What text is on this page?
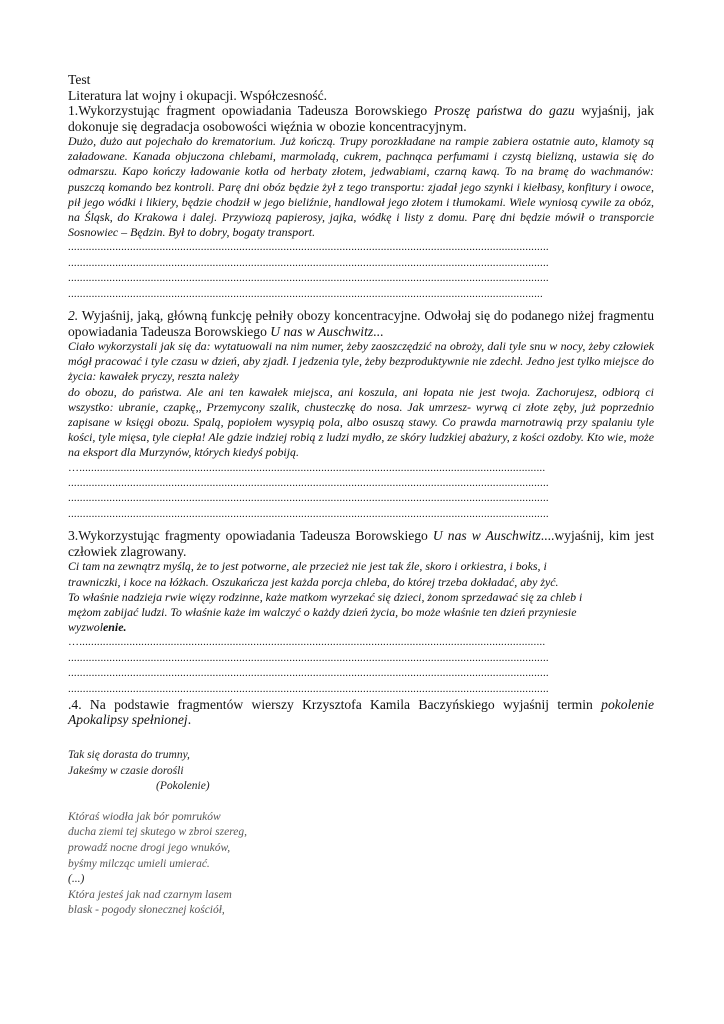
Test
Literatura lat wojny i okupacji. Współczesność.
1.Wykorzystując fragment opowiadania Tadeusza Borowskiego Proszę państwa do gazu wyjaśnij, jak dokonuje się degradacja osobowości więźnia w obozie koncentracyjnym.

Dużo, dużo aut pojechało do krematorium. Już kończą. Trupy porozkładane na rampie zabiera ostatnie auto, klamoty są załadowane. Kanada objuczona chlebami, marmoladą, cukrem, pachnąca perfumami i czystą bielizną, ustawia się do odmarszu. Kapo kończy ładowanie kotła od herbaty złotem, jedwabiami, czarną kawą. To na bramę do wachmanów: puszczą komando bez kontroli. Parę dni obóz będzie żył z tego transportu: zjadał jego szynki i kiełbasy, konfitury i owoce, pił jego wódki i likiery, będzie chodził w jego bieliźnie, handlował jego złotem i tłumokami. Wiele wyniosą cywile za obóz, na Śląsk, do Krakowa i dalej. Przywiozą papierosy, jajka, wódkę i listy z domu. Parę dni będzie mówił o transporcie Sosnowiec – Będzin. Był to dobry, bogaty transport.

...................................................................................................................................................................
...................................................................................................................................................................
...................................................................................................................................................................
.................................................................................................................................................................
2. Wyjaśnij, jaką, główną funkcję pełniły obozy koncentracyjne. Odwołaj się do podanego niżej fragmentu opowiadania Tadeusza Borowskiego U nas w Auschwitz...

Ciało wykorzystali jak się da: wytatuowali na nim numer, żeby zaoszczędzić na obroży, dali tyle snu w nocy, żeby człowiek mógł pracować i tyle czasu w dzień, aby zjadł. I jedzenia tyle, żeby bezproduktywnie nie zdechł. Jedno jest tylko miejsce do życia: kawałek pryczy, reszta należy

do obozu, do państwa. Ale ani ten kawałek miejsca, ani koszula, ani łopata nie jest twoja. Zachorujesz, odbiorą ci wszystko: ubranie, czapkę,, Przemycony szalik, chusteczkę do nosa. Jak umrzesz- wyrwą ci złote zęby, już poprzednio zapisane w księgi obozu. Spalą, popiołem wysypią pola, albo osuszą stawy. Co prawda marnotrawią przy spalaniu tyle kości, tyle mięsa, tyle ciepła! Ale gdzie indziej robią z ludzi mydło, ze skóry ludzkiej abażury, z kości ozdoby. Kto wie, może na eksport dla Murzynów, których kiedyś pobiją.

…..............................................................................................................................................................
...................................................................................................................................................................
...................................................................................................................................................................
...................................................................................................................................................................
3.Wykorzystując fragmenty opowiadania Tadeusza Borowskiego U nas w Auschwitz....wyjaśnij, kim jest człowiek zlagrowany.
Ci tam na zewnątrz myślą, że to jest potworne, ale przecież nie jest tak źle, skoro i orkiestra, i boks, i
trawniczki, i koce na łóżkach. Oszukańcza jest każda porcja chleba, do której trzeba dokładać, aby żyć.
To właśnie nadzieja rwie więzy rodzinne, każe matkom wyrzekać się dzieci, żonom sprzedawać się za chleb i
mężom zabijać ludzi. To właśnie każe im walczyć o każdy dzień życia, bo może właśnie ten dzień przyniesie
wyzwolenie.
…..............................................................................................................................................................
...................................................................................................................................................................
...................................................................................................................................................................
...................................................................................................................................................................
.4. Na podstawie fragmentów wierszy Krzysztofa Kamila Baczyńskiego wyjaśnij termin pokolenie Apokalipsy spełnionej.
Tak się dorasta do trumny,
Jakeśmy w czasie dorośli
(Pokolenie)
Któraś wiodła jak bór pomruków
ducha ziemi tej skutego w zbroi szereg,
prowadź nocne drogi jego wnuków,
byśmy milcząc umieli umierać.
(...)
Która jesteś jak nad czarnym lasem
blask - pogody słonecznej kościół,
